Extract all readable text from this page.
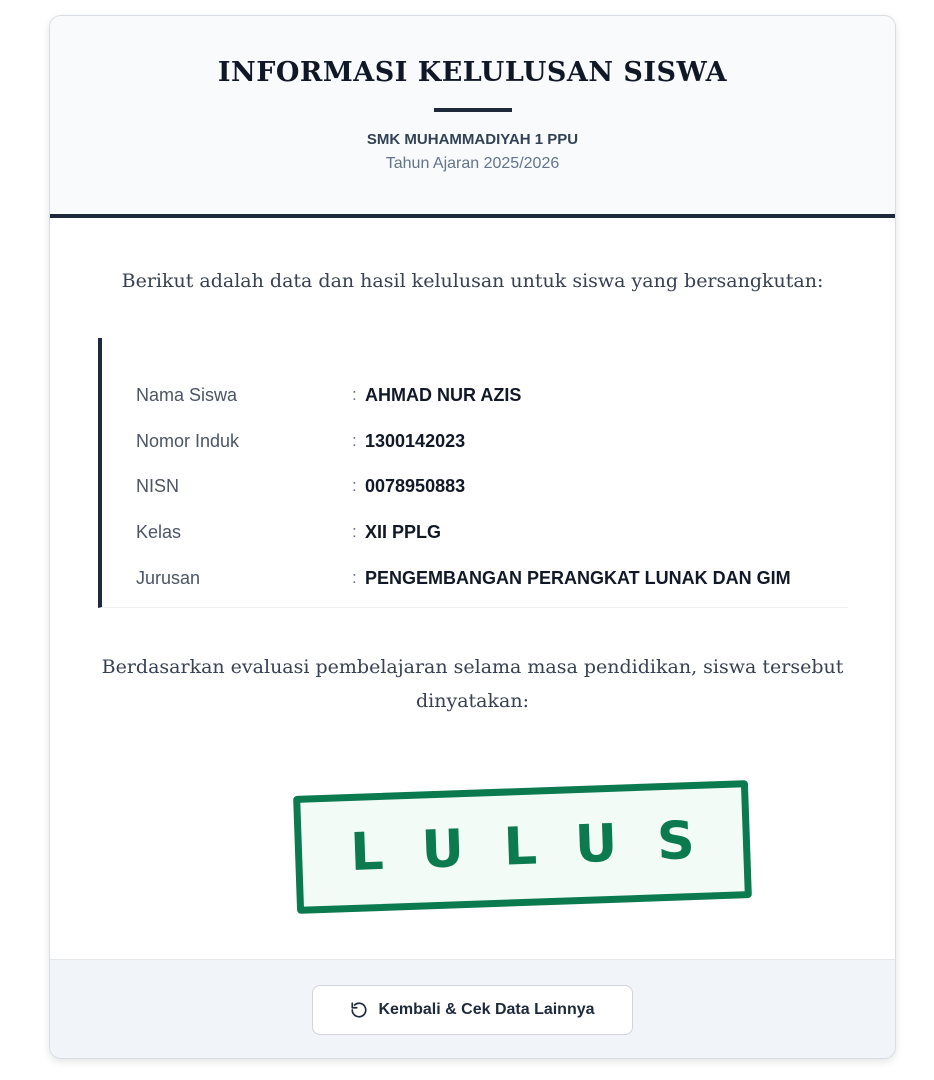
INFORMASI KELULUSAN SISWA
SMK MUHAMMADIYAH 1 PPU
Tahun Ajaran 2025/2026
Berikut adalah data dan hasil kelulusan untuk siswa yang bersangkutan:
Nama Siswa	: AHMAD NUR AZIS
Nomor Induk	: 1300142023
NISN	: 0078950883
Kelas	: XII PPLG
Jurusan	: PENGEMBANGAN PERANGKAT LUNAK DAN GIM
Berdasarkan evaluasi pembelajaran selama masa pendidikan, siswa tersebut dinyatakan:
LULUS
Kembali & Cek Data Lainnya
